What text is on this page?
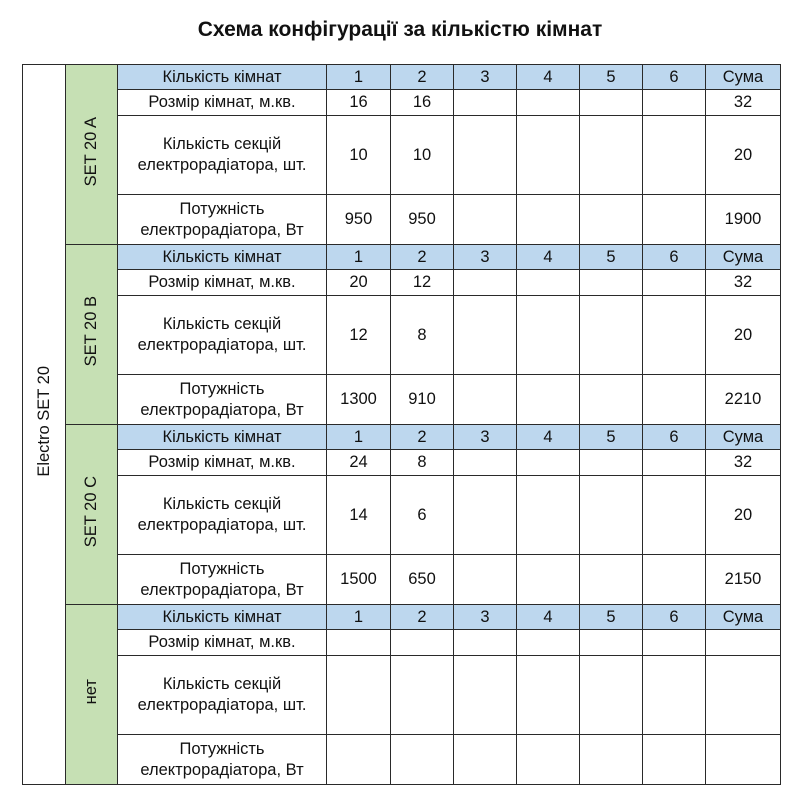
Схема конфігурації за кількістю кімнат
Electro SET 20	SET 20 A	Кількість кімнат	1	2	3	4	5	6	Сума
		Розмір кімнат, м.кв.	16	16					32
		Кількість секцій електрорадіатора, шт.	10	10					20
		Потужність електрорадіатора, Вт	950	950					1900
	SET 20 B	Кількість кімнат	1	2	3	4	5	6	Сума
		Розмір кімнат, м.кв.	20	12					32
		Кількість секцій електрорадіатора, шт.	12	8					20
		Потужність електрорадіатора, Вт	1300	910					2210
	SET 20 C	Кількість кімнат	1	2	3	4	5	6	Сума
		Розмір кімнат, м.кв.	24	8					32
		Кількість секцій електрорадіатора, шт.	14	6					20
		Потужність електрорадіатора, Вт	1500	650					2150
	нет	Кількість кімнат	1	2	3	4	5	6	Сума
		Розмір кімнат, м.кв.							
		Кількість секцій електрорадіатора, шт.							
		Потужність електрорадіатора, Вт							
